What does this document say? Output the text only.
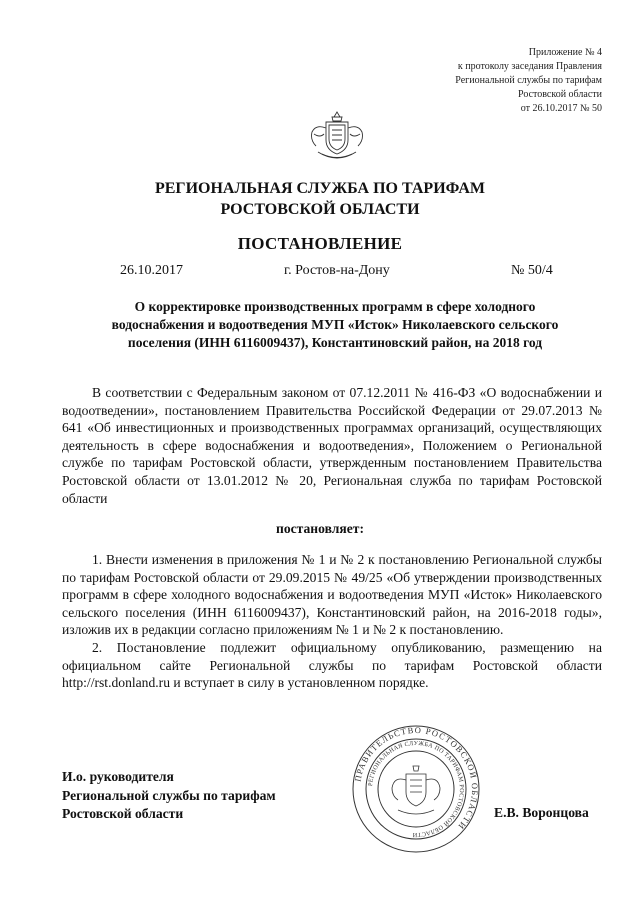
Приложение № 4
к протоколу заседания Правления
Региональной службы по тарифам
Ростовской области
от 26.10.2017 № 50
РЕГИОНАЛЬНАЯ СЛУЖБА ПО ТАРИФАМ
РОСТОВСКОЙ ОБЛАСТИ
ПОСТАНОВЛЕНИЕ
26.10.2017	г. Ростов-на-Дону	№ 50/4
О корректировке производственных программ в сфере холодного водоснабжения и водоотведения МУП «Исток» Николаевского сельского поселения (ИНН 6116009437), Константиновский район, на 2018 год
В соответствии с Федеральным законом от 07.12.2011 № 416-ФЗ «О водоснабжении и водоотведении», постановлением Правительства Российской Федерации от 29.07.2013 № 641 «Об инвестиционных и производственных программах организаций, осуществляющих деятельность в сфере водоснабжения и водоотведения», Положением о Региональной службе по тарифам Ростовской области, утвержденным постановлением Правительства Ростовской области от 13.01.2012 № 20, Региональная служба по тарифам Ростовской области
постановляет:

1. Внести изменения в приложения № 1 и № 2 к постановлению Региональной службы по тарифам Ростовской области от 29.09.2015 № 49/25 «Об утверждении производственных программ в сфере холодного водоснабжения и водоотведения МУП «Исток» Николаевского сельского поселения (ИНН 6116009437), Константиновский район, на 2016-2018 годы», изложив их в редакции согласно приложениям № 1 и № 2 к постановлению.

2. Постановление подлежит официальному опубликованию, размещению на официальном сайте Региональной службы по тарифам Ростовской области http://rst.donland.ru и вступает в силу в установленном порядке.

И.о. руководителя
Региональной службы по тарифам
Ростовской области
ПРАВИТЕЛЬСТВО РОСТОВСКОЙ ОБЛАСТИ
РЕГИОНАЛЬНАЯ СЛУЖБА ПО ТАРИФАМ РОСТОВСКОЙ ОБЛАСТИ
Е.В. Воронцова
